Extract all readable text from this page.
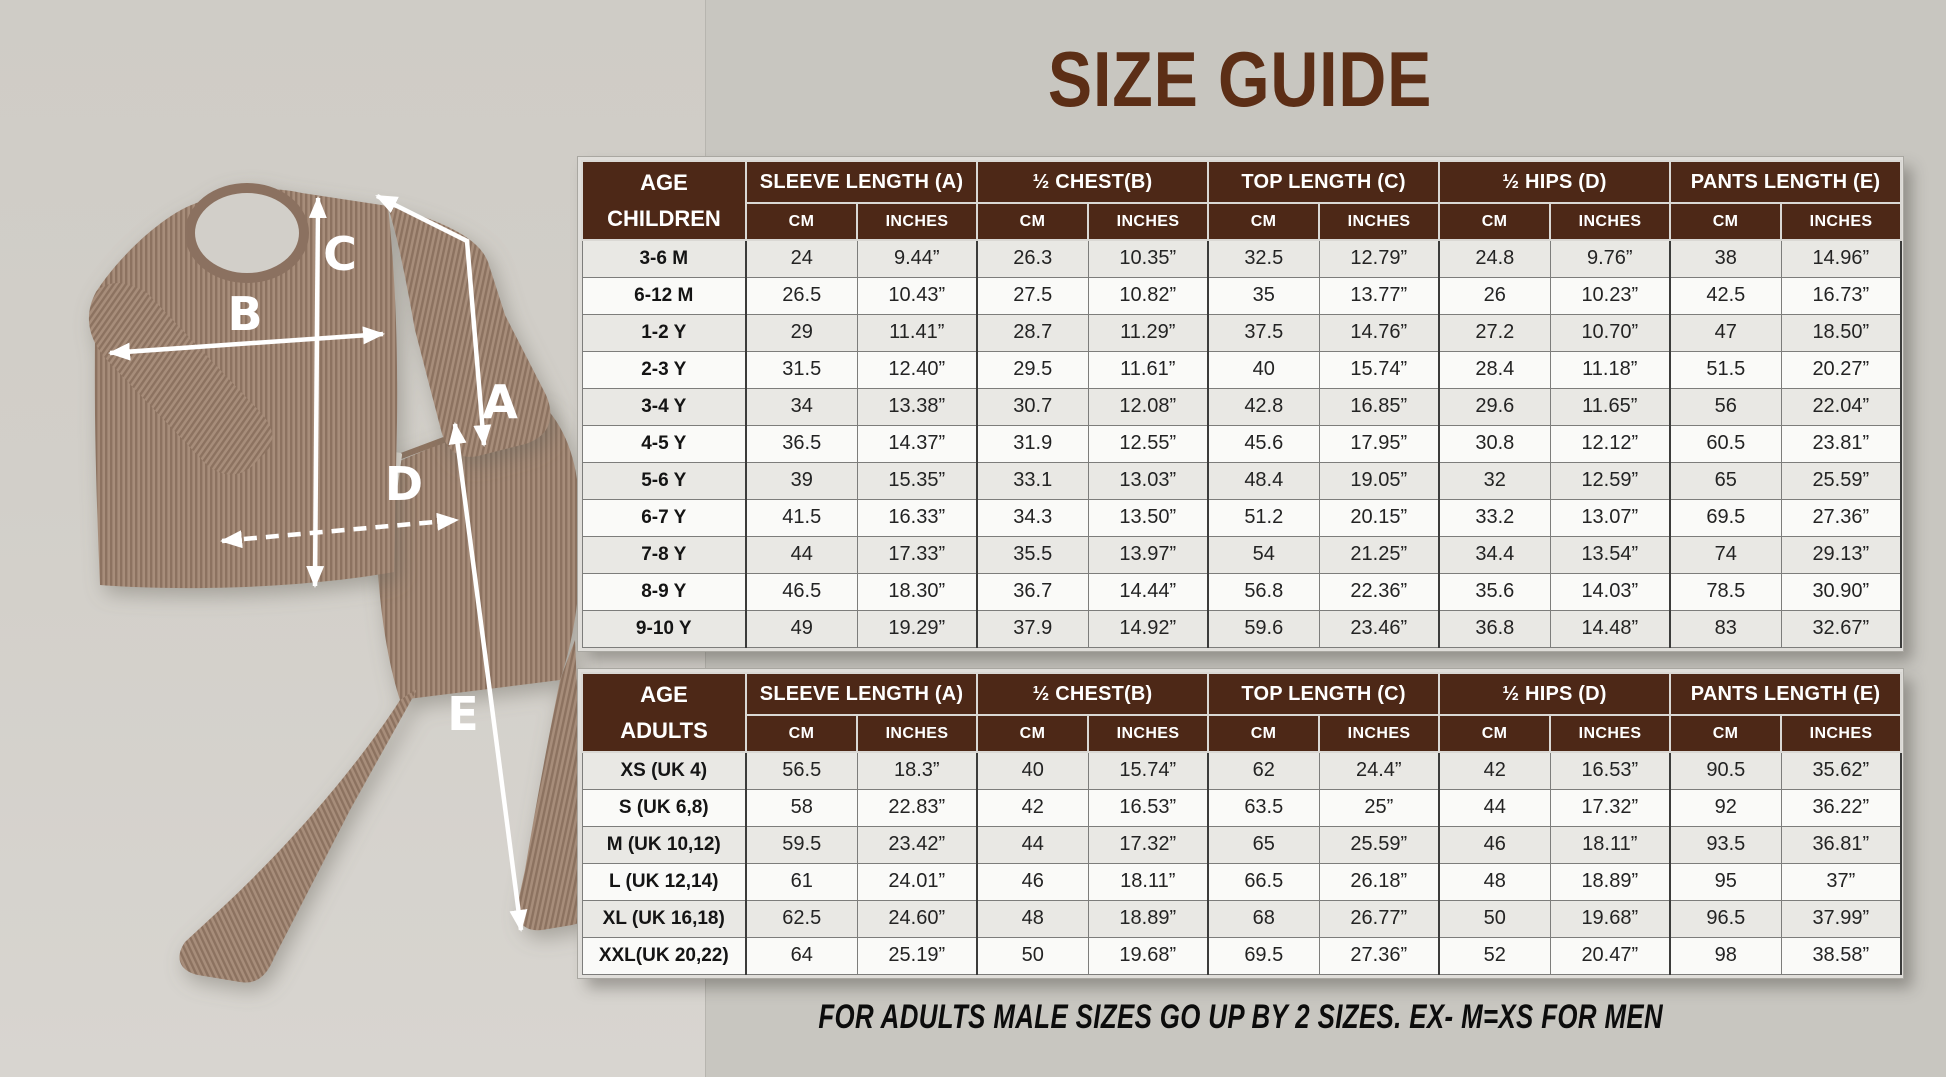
C
B
A
D
E
SIZE GUIDE
AGE
CHILDREN	SLEEVE LENGTH (A)		½ CHEST(B)		TOP LENGTH (C)		½ HIPS (D)		PANTS LENGTH (E)	
	CM	INCHES	CM	INCHES	CM	INCHES	CM	INCHES	CM	INCHES
3-6 M	24	9.44”	26.3	10.35”	32.5	12.79”	24.8	9.76”	38	14.96”
6-12 M	26.5	10.43”	27.5	10.82”	35	13.77”	26	10.23”	42.5	16.73”
1-2 Y	29	11.41”	28.7	11.29”	37.5	14.76”	27.2	10.70”	47	18.50”
2-3 Y	31.5	12.40”	29.5	11.61”	40	15.74”	28.4	11.18”	51.5	20.27”
3-4 Y	34	13.38”	30.7	12.08”	42.8	16.85”	29.6	11.65”	56	22.04”
4-5 Y	36.5	14.37”	31.9	12.55”	45.6	17.95”	30.8	12.12”	60.5	23.81”
5-6 Y	39	15.35”	33.1	13.03”	48.4	19.05”	32	12.59”	65	25.59”
6-7 Y	41.5	16.33”	34.3	13.50”	51.2	20.15”	33.2	13.07”	69.5	27.36”
7-8 Y	44	17.33”	35.5	13.97”	54	21.25”	34.4	13.54”	74	29.13”
8-9 Y	46.5	18.30”	36.7	14.44”	56.8	22.36”	35.6	14.03”	78.5	30.90”
9-10 Y	49	19.29”	37.9	14.92”	59.6	23.46”	36.8	14.48”	83	32.67”
AGE
ADULTS	SLEEVE LENGTH (A)		½ CHEST(B)		TOP LENGTH (C)		½ HIPS (D)		PANTS LENGTH (E)	
	CM	INCHES	CM	INCHES	CM	INCHES	CM	INCHES	CM	INCHES
XS (UK 4)	56.5	18.3”	40	15.74”	62	24.4”	42	16.53”	90.5	35.62”
S (UK 6,8)	58	22.83”	42	16.53”	63.5	25”	44	17.32”	92	36.22”
M (UK 10,12)	59.5	23.42”	44	17.32”	65	25.59”	46	18.11”	93.5	36.81”
L (UK 12,14)	61	24.01”	46	18.11”	66.5	26.18”	48	18.89”	95	37”
XL (UK 16,18)	62.5	24.60”	48	18.89”	68	26.77”	50	19.68”	96.5	37.99”
XXL(UK 20,22)	64	25.19”	50	19.68”	69.5	27.36”	52	20.47”	98	38.58”

FOR ADULTS MALE SIZES GO UP BY 2 SIZES. EX- M=XS FOR MEN
